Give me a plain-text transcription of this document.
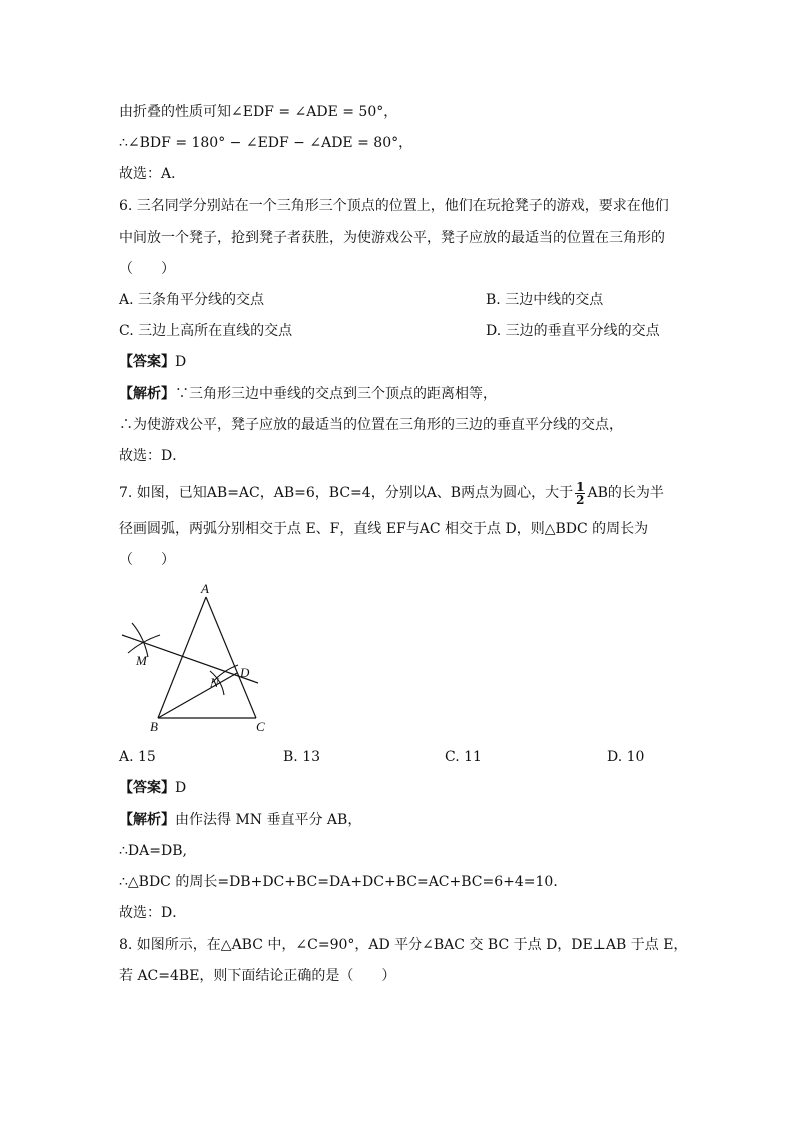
由折叠的性质可知∠EDF = ∠ADE = 50°，
∴∠BDF = 180° − ∠EDF − ∠ADE = 80°，
故选：A．
6. 三名同学分别站在一个三角形三个顶点的位置上，他们在玩抢凳子的游戏，要求在他们
中间放一个凳子，抢到凳子者获胜，为使游戏公平，凳子应放的最适当的位置在三角形的
（　　）
A. 三条角平分线的交点	B. 三边中线的交点
C. 三边上高所在直线的交点	D. 三边的垂直平分线的交点
【答案】D
【解析】∵三角形三边中垂线的交点到三个顶点的距离相等，
∴为使游戏公平，凳子应放的最适当的位置在三角形的三边的垂直平分线的交点，
故选：D．
7. 如图，已知AB=AC，AB=6，BC=4，分别以A、B两点为圆心，大于 $\frac{1}{2}$ AB的长为半
径画圆弧，两弧分别相交于点 E、F，直线 EF与AC 相交于点 D，则△BDC 的周长为
（　　）
A
M
D
N
B	C
A. 15	B. 13	C. 11	D. 10
【答案】D
【解析】由作法得 MN 垂直平分 AB，
∴DA=DB,
∴△BDC 的周长=DB+DC+BC=DA+DC+BC=AC+BC=6+4=10．
故选：D．
8. 如图所示，在△ABC 中，∠C=90°，AD 平分∠BAC 交 BC 于点 D，DE⊥AB 于点 E，
若 AC=4BE，则下面结论正确的是（　　）
